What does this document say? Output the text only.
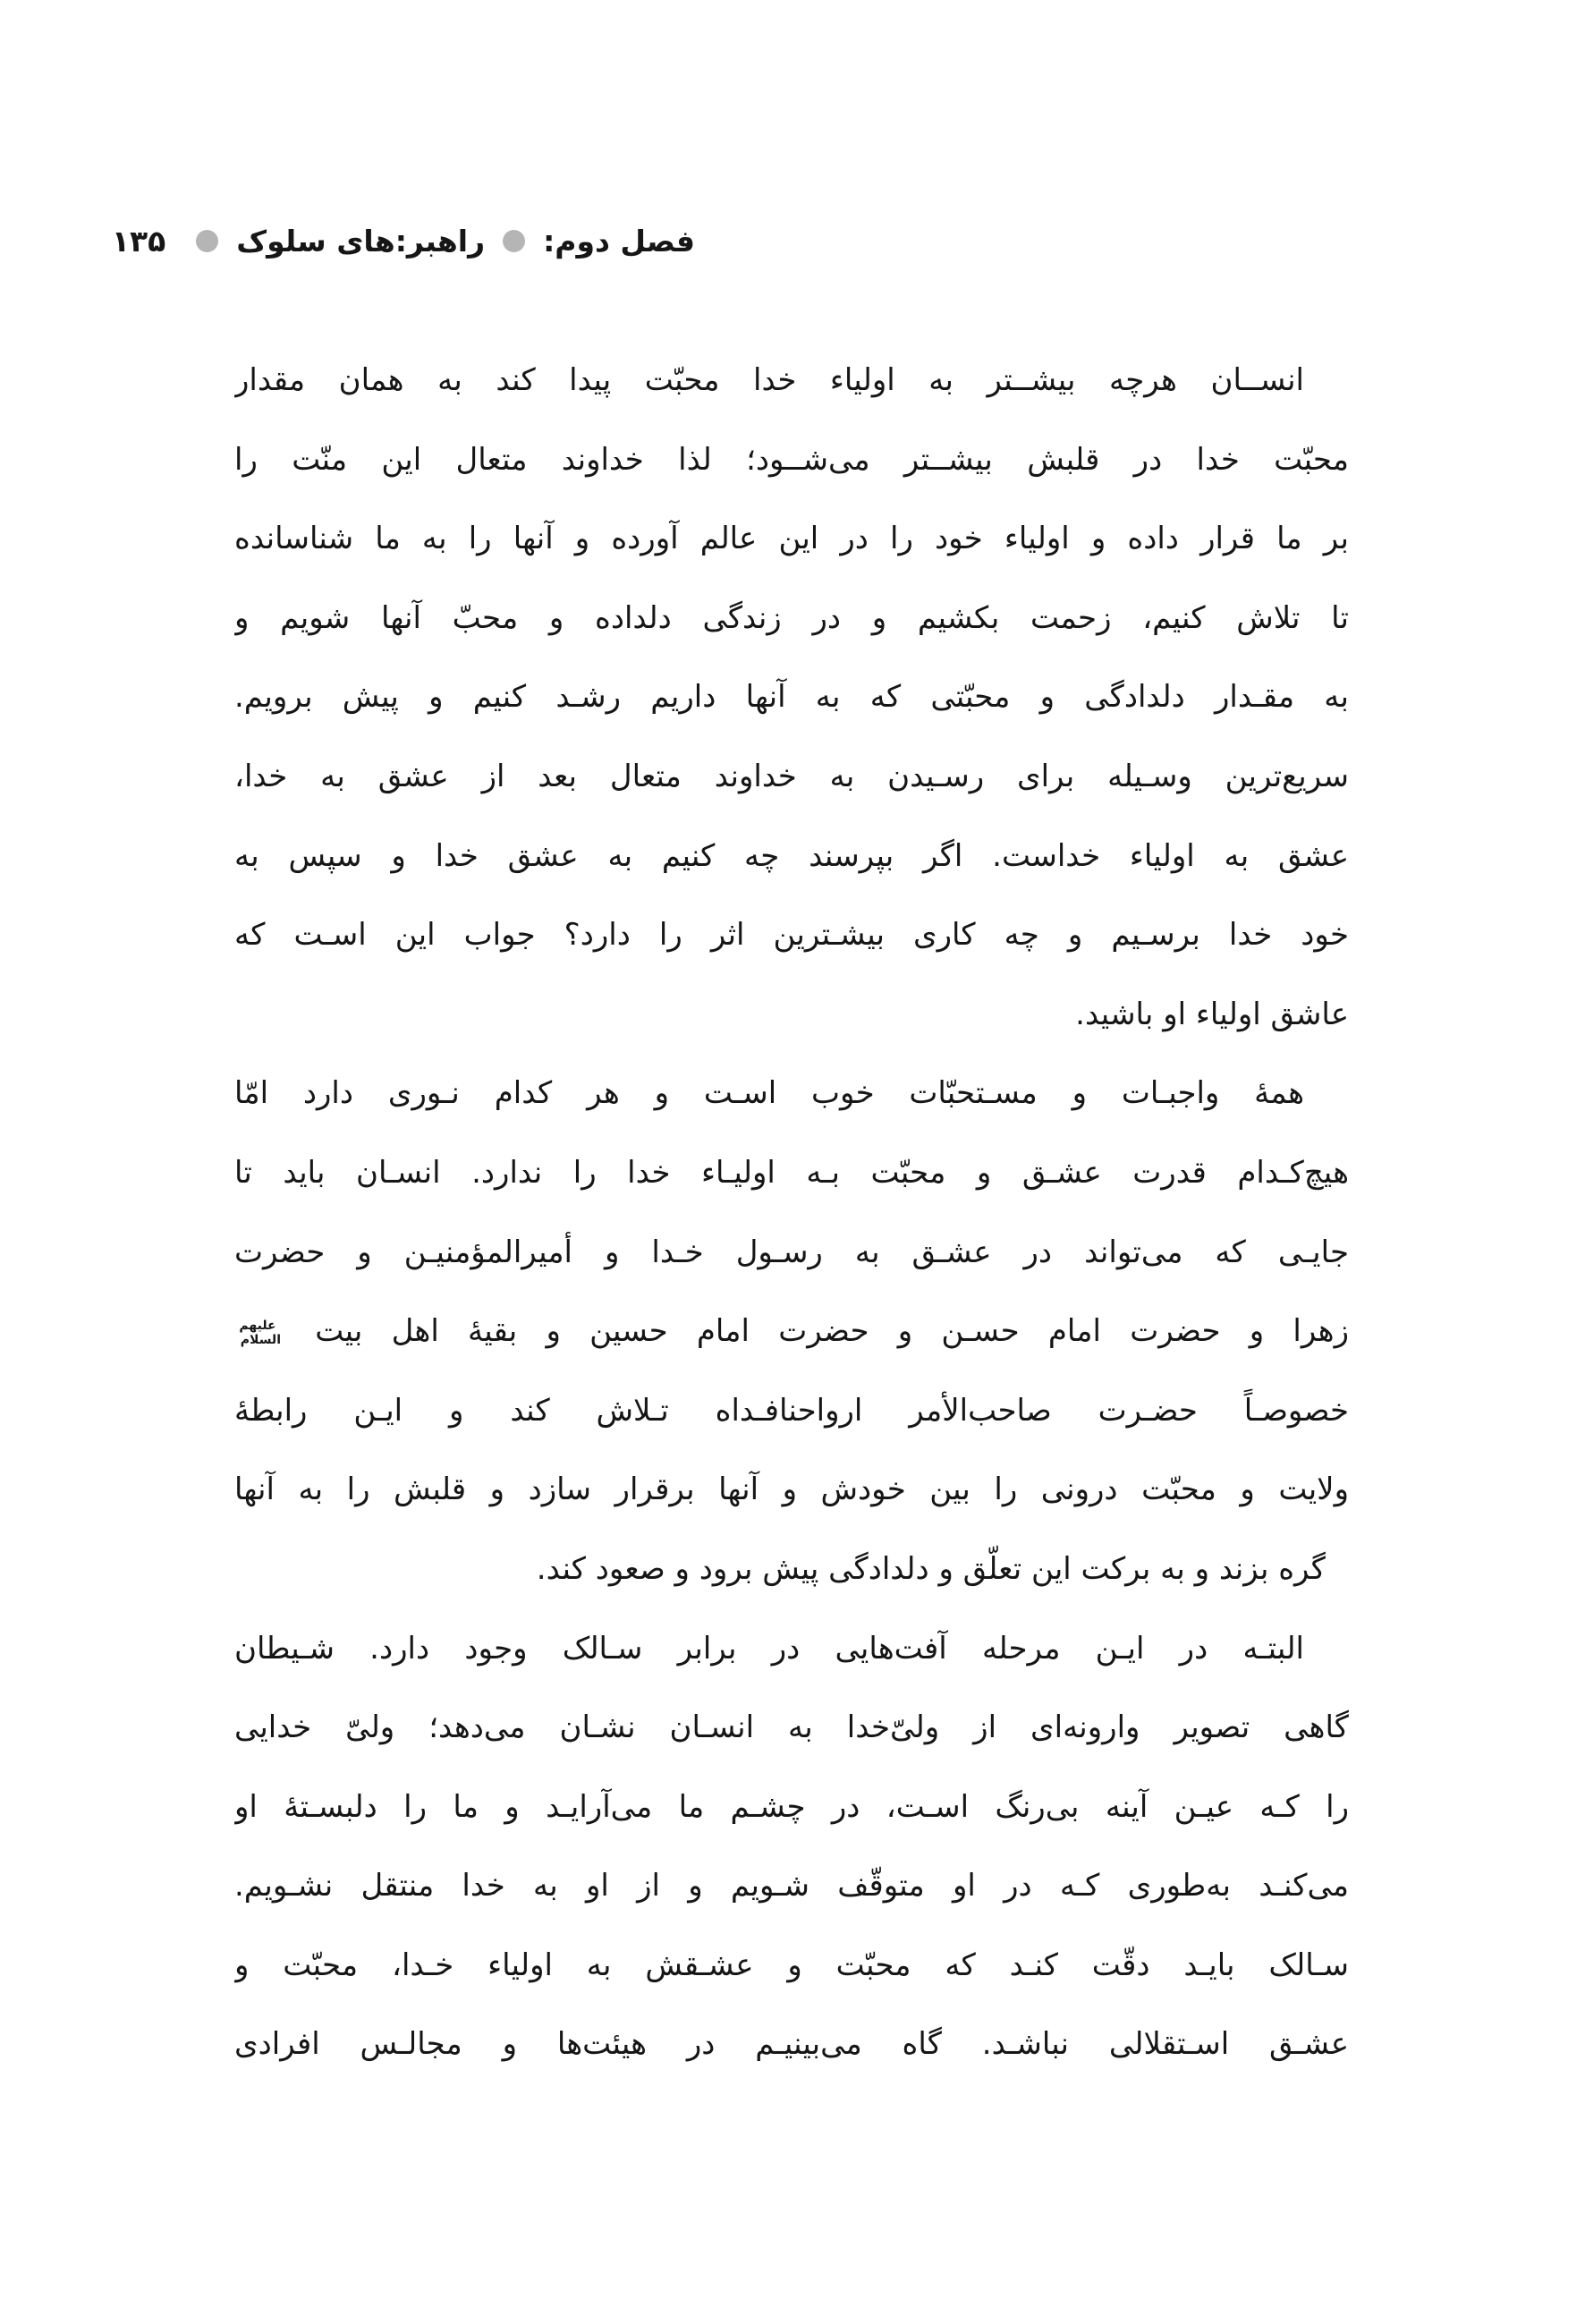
فصل دوم:
راهبر:های سلوک
۱۳۵
انســان هرچه بیشــتر به اولیاء خدا محبّت پیدا کند به همان مقدار
محبّت خدا در قلبش بیشــتر می‌شــود؛ لذا خداوند متعال این منّت را
بر ما قرار داده و اولیاء خود را در این عالم آورده و آنها را به ما شناسانده
تا تلاش کنیم، زحمت بکشیم و در زندگی دلداده و محبّ آنها شویم و
به مقـدار دلدادگی و محبّتی که به آنها داریم رشـد کنیم و پیش برویم.
سریع‌ترین وسـیله برای رسـیدن به خداوند متعال بعد از عشق به خدا،
عشق به اولیاء خداست. اگر بپرسند چه کنیم به عشق خدا و سپس به
خود خدا برسـیم و چه کاری بیشـترین اثر را دارد؟ جواب این اسـت که
عاشق اولیاء او باشید.
همهٔ واجبـات و مسـتحبّات خوب اسـت و هر کدام نـوری دارد امّا
هیچ‌کـدام قدرت عشـق و محبّت بـه اولیـاء خدا را ندارد. انسـان باید تا
جایـی که می‌تواند در عشـق به رسـول خـدا و أمیرالمؤمنیـن و حضرت
زهرا و حضرت امام حسـن و حضرت امام حسین و بقیهٔ اهل بیت علیهم السلام
خصوصـاً حضـرت صاحب‌الأمر ارواحنافـداه تـلاش کند و ایـن رابطهٔ
ولایت و محبّت درونی را بین خودش و آنها برقرار سازد و قلبش را به آنها
گره بزند و به برکت این تعلّق و دلدادگی پیش برود و صعود کند.
البتـه در ایـن مرحله آفت‌هایی در برابر سـالک وجود دارد. شـیطان
گاهی تصویر وارونه‌ای از ولیّ‌خدا به انسـان نشـان می‌دهد؛ ولیّ خدایی
را کـه عیـن آینه بی‌رنگ اسـت، در چشـم ما می‌آرایـد و ما را دلبسـتهٔ او
می‌کنـد به‌طوری کـه در او متوقّف شـویم و از او به خدا منتقل نشـویم.
سـالک بایـد دقّت کنـد که محبّت و عشـقش به اولیاء خـدا، محبّت و
عشـق اسـتقلالی نباشـد. گاه می‌بینیـم در هیئت‌ها و مجالـس افرادی
